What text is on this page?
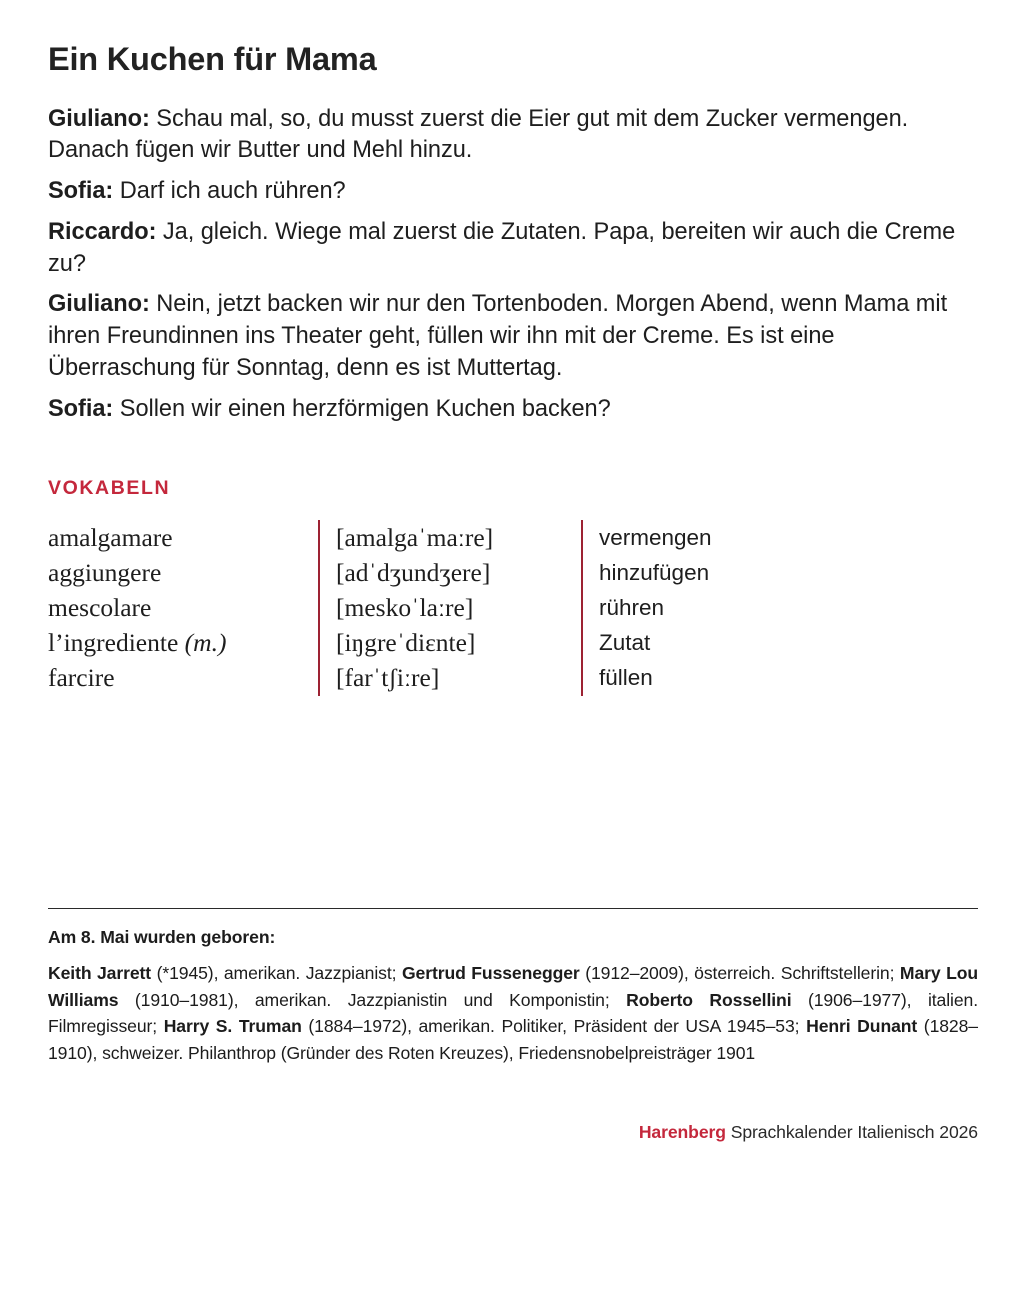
Ein Kuchen für Mama

Giuliano: Schau mal, so, du musst zuerst die Eier gut mit dem Zucker vermengen. Danach fügen wir Butter und Mehl hinzu.

Sofia: Darf ich auch rühren?

Riccardo: Ja, gleich. Wiege mal zuerst die Zutaten. Papa, bereiten wir auch die Creme zu?

Giuliano: Nein, jetzt backen wir nur den Tortenboden. Morgen Abend, wenn Mama mit ihren Freundinnen ins Theater geht, füllen wir ihn mit der Creme. Es ist eine Überraschung für Sonntag, denn es ist Muttertag.

Sofia: Sollen wir einen herzförmigen Kuchen backen?

VOKABELN
amalgamare	[amalgaˈmaːre]	vermengen
aggiungere	[adˈdʒundʒere]	hinzufügen
mescolare	[meskoˈlaːre]	rühren
l’ingrediente (m.)	[iŋgreˈdiɛnte]	Zutat
farcire	[farˈtʃiːre]	füllen
Am 8. Mai wurden geboren:

Keith Jarrett (*1945), amerikan. Jazzpianist; Gertrud Fussenegger (1912–2009), österreich. Schriftstellerin; Mary Lou Williams (1910–1981), amerikan. Jazzpianistin und Komponistin; Roberto Rossellini (1906–1977), italien. Filmregisseur; Harry S. Truman (1884–1972), amerikan. Politiker, Präsident der USA 1945–53; Henri Dunant (1828–1910), schweizer. Philanthrop (Gründer des Roten Kreuzes), Friedensnobelpreisträger 1901

Harenberg Sprachkalender Italienisch 2026
